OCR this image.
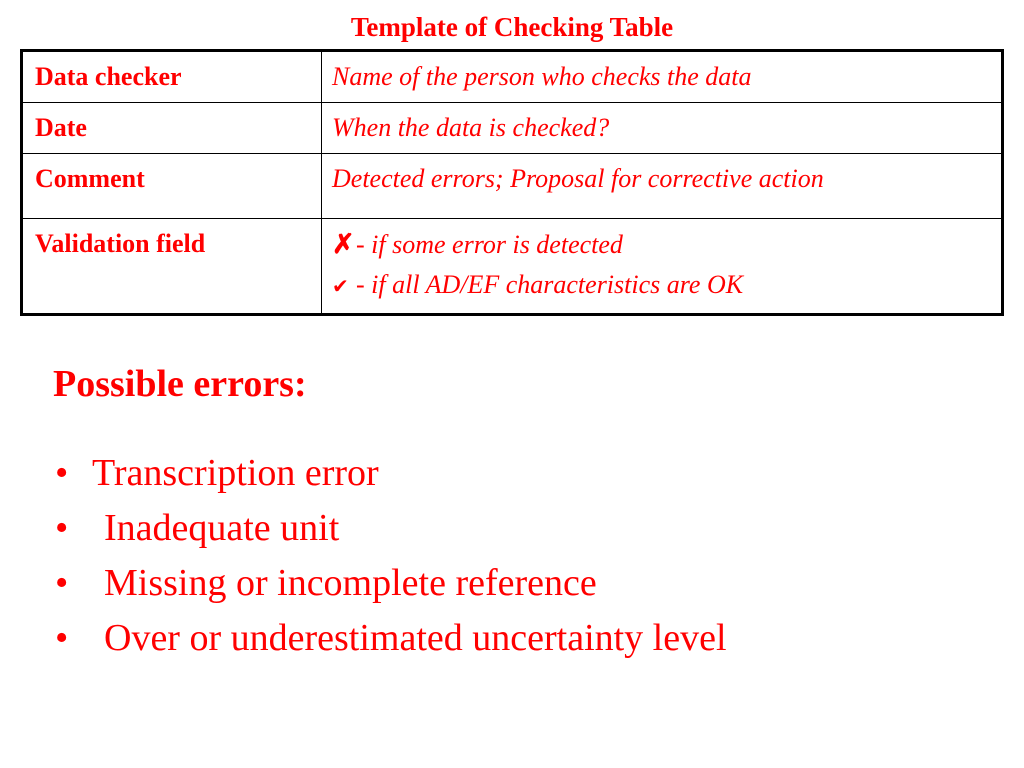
Template of Checking Table
Data checker	Name of the person who checks the data
Date	When the data is checked?
Comment	Detected errors; Proposal for corrective action
Validation field	✗- if some error is detected
✔ - if all AD/EF characteristics are OK
Possible errors:
• Transcription error
• Inadequate unit
• Missing or incomplete reference
• Over or underestimated uncertainty level
